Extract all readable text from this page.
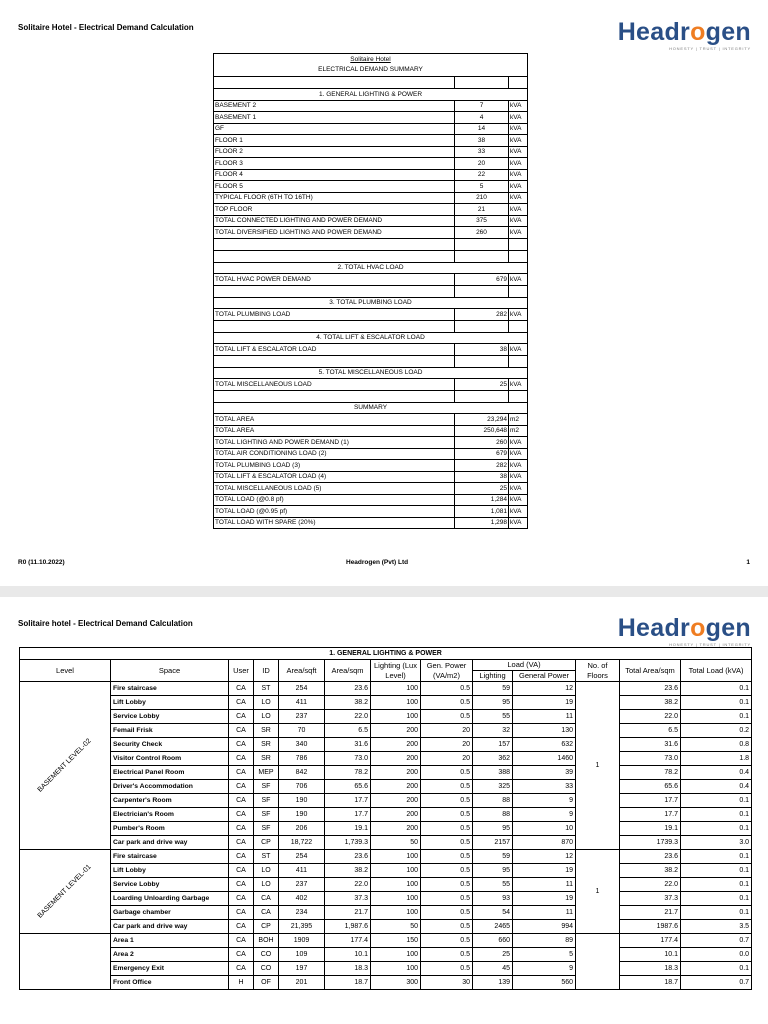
Solitaire Hotel - Electrical Demand Calculation	Headrogen
HONESTY | TRUST | INTEGRITY
Solitaire Hotel
ELECTRICAL DEMAND SUMMARY		

1. GENERAL LIGHTING & POWER		
BASEMENT 2	7	kVA
BASEMENT 1	4	kVA
GF	14	kVA
FLOOR 1	38	kVA
FLOOR 2	33	kVA
FLOOR 3	20	kVA
FLOOR 4	22	kVA
FLOOR 5	5	kVA
TYPICAL FLOOR (6TH TO 16TH)	210	kVA
TOP FLOOR	21	kVA
TOTAL CONNECTED LIGHTING AND POWER DEMAND	375	kVA
TOTAL DIVERSIFIED LIGHTING AND POWER DEMAND	260	kVA

2. TOTAL HVAC LOAD		
TOTAL HVAC POWER DEMAND	679	kVA

3. TOTAL PLUMBING LOAD		
TOTAL PLUMBING LOAD	282	kVA

4. TOTAL LIFT & ESCALATOR LOAD		
TOTAL LIFT & ESCALATOR LOAD	38	kVA

5. TOTAL MISCELLANEOUS LOAD		
TOTAL MISCELLANEOUS LOAD	25	kVA

SUMMARY		
TOTAL AREA	23,294	m2
TOTAL AREA	250,648	m2
TOTAL LIGHTING AND POWER DEMAND (1)	260	kVA
TOTAL AIR CONDITIONING LOAD (2)	679	kVA
TOTAL PLUMBING LOAD (3)	282	kVA
TOTAL LIFT & ESCALATOR LOAD (4)	38	kVA
TOTAL MISCELLANEOUS LOAD (5)	25	kVA
TOTAL LOAD (@0.8 pf)	1,284	kVA
TOTAL LOAD (@0.95 pf)	1,081	kVA
TOTAL LOAD WITH SPARE (20%)	1,298	kVA
R0 (11.10.2022)	Headrogen (Pvt) Ltd	1
Solitaire hotel - Electrical Demand Calculation	Headrogen
HONESTY | TRUST | INTEGRITY
1. GENERAL LIGHTING & POWER												
Level	Space	User	ID	Area/sqft	Area/sqm	Lighting (Lux Level)	Gen. Power (VA/m2)	Load (VA)		No. of Floors	Total Area/sqm	Total Load (kVA)
								Lighting	General Power			

BASEMENT LEVEL-02	Fire staircase	CA	ST	254	23.6	100	0.5	59	12	1	23.6	0.1
	Lift Lobby	CA	LO	411	38.2	100	0.5	95	19		38.2	0.1
	Service Lobby	CA	LO	237	22.0	100	0.5	55	11		22.0	0.1
	Femail Frisk	CA	SR	70	6.5	200	20	32	130		6.5	0.2
	Security Check	CA	SR	340	31.6	200	20	157	632		31.6	0.8
	Visitor Control Room	CA	SR	786	73.0	200	20	362	1460		73.0	1.8
	Electrical Panel Room	CA	MEP	842	78.2	200	0.5	388	39		78.2	0.4
	Driver's Accommodation	CA	SF	706	65.6	200	0.5	325	33		65.6	0.4
	Carpenter's Room	CA	SF	190	17.7	200	0.5	88	9		17.7	0.1
	Electrician's Room	CA	SF	190	17.7	200	0.5	88	9		17.7	0.1
	Pumber's Room	CA	SF	206	19.1	200	0.5	95	10		19.1	0.1
	Car park and drive way	CA	CP	18,722	1,739.3	50	0.5	2157	870		1739.3	3.0

BASEMENT LEVEL-01	Fire staircase	CA	ST	254	23.6	100	0.5	59	12	1	23.6	0.1
	Lift Lobby	CA	LO	411	38.2	100	0.5	95	19		38.2	0.1
	Service Lobby	CA	LO	237	22.0	100	0.5	55	11		22.0	0.1
	Loarding Unloarding Garbage	CA	CA	402	37.3	100	0.5	93	19		37.3	0.1
	Garbage chamber	CA	CA	234	21.7	100	0.5	54	11		21.7	0.1
	Car park and drive way	CA	CP	21,395	1,987.6	50	0.5	2465	994		1987.6	3.5

	Area 1	CA	BOH	1909	177.4	150	0.5	660	89		177.4	0.7
	Area 2	CA	CO	109	10.1	100	0.5	25	5		10.1	0.0
	Emergency Exit	CA	CO	197	18.3	100	0.5	45	9		18.3	0.1
	Front Office	H	OF	201	18.7	300	30	139	560		18.7	0.7
